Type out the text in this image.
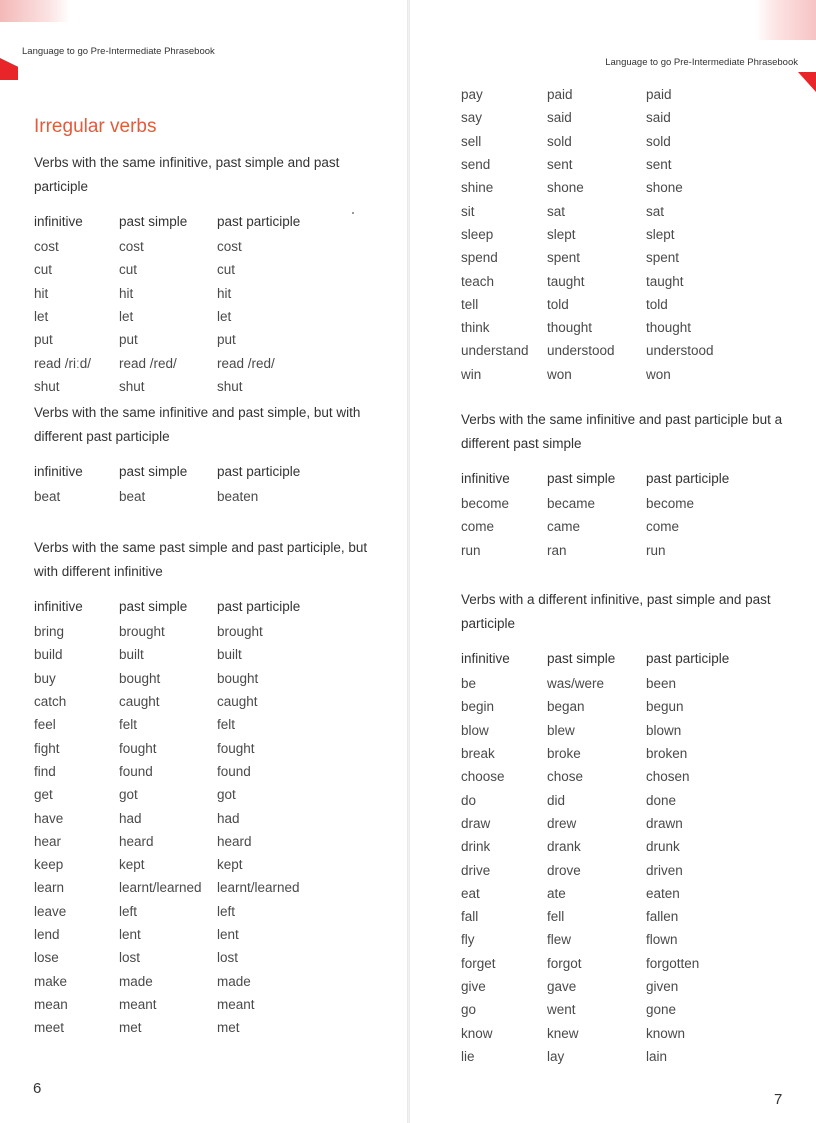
Language to go Pre-Intermediate Phrasebook
Irregular verbs

Verbs with the same infinitive, past simple and past participle

infinitive	past simple	past participle
cost	cost	cost
cut	cut	cut
hit	hit	hit
let	let	let
put	put	put
read /riːd/	read /red/	read /red/
shut	shut	shut

Verbs with the same infinitive and past simple, but with different past participle

infinitive	past simple	past participle
beat	beat	beaten

Verbs with the same past simple and past participle, but with different infinitive

infinitive	past simple	past participle
bring	brought	brought
build	built	built
buy	bought	bought
catch	caught	caught
feel	felt	felt
fight	fought	fought
find	found	found
get	got	got
have	had	had
hear	heard	heard
keep	kept	kept
learn	learnt/learned	learnt/learned
leave	left	left
lend	lent	lent
lose	lost	lost
make	made	made
mean	meant	meant
meet	met	met
6
Language to go Pre-Intermediate Phrasebook
pay	paid	paid
say	said	said
sell	sold	sold
send	sent	sent
shine	shone	shone
sit	sat	sat
sleep	slept	slept
spend	spent	spent
teach	taught	taught
tell	told	told
think	thought	thought
understand	understood	understood
win	won	won

Verbs with the same infinitive and past participle but a different past simple

infinitive	past simple	past participle
become	became	become
come	came	come
run	ran	run

Verbs with a different infinitive, past simple and past participle

infinitive	past simple	past participle
be	was/were	been
begin	began	begun
blow	blew	blown
break	broke	broken
choose	chose	chosen
do	did	done
draw	drew	drawn
drink	drank	drunk
drive	drove	driven
eat	ate	eaten
fall	fell	fallen
fly	flew	flown
forget	forgot	forgotten
give	gave	given
go	went	gone
know	knew	known
lie	lay	lain
7
